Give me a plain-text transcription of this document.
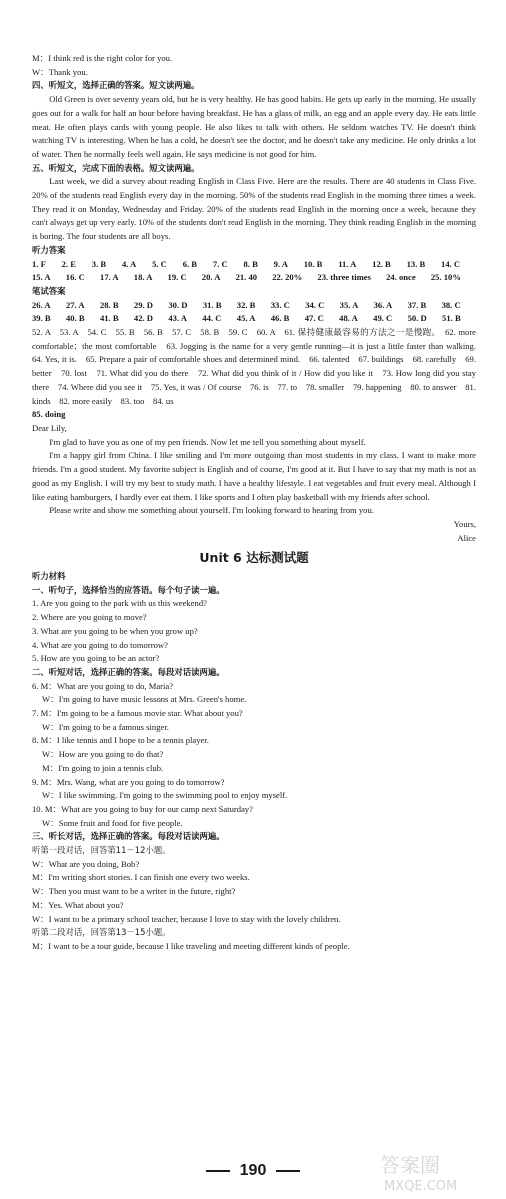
M：I think red is the right color for you.
W：Thank you.
四、听短文，选择正确的答案。短文读两遍。
Old Green is over seventy years old, but he is very healthy. He has good habits. He gets up early in the morning. He usually goes out for a walk for half an hour before having breakfast. He has a glass of milk, an egg and an apple every day. He eats little meat. He often plays cards with young people. He also likes to talk with others. He seldom watches TV. He doesn't think watching TV is interesting. When he has a cold, he doesn't see the doctor, and he doesn't take any medicine. He only drinks a lot of water. Then he normally feels well again. He says medicine is not good for him.
五、听短文，完成下面的表格。短文读两遍。
Last week, we did a survey about reading English in Class Five. Here are the results. There are 40 students in Class Five. 20% of the students read English every day in the morning. 50% of the students read English in the morning three times a week. They read it on Monday, Wednesday and Friday. 20% of the students read English in the morning once a week, because they can't always get up very early. 10% of the students don't read English in the morning. They think reading English in the morning is boring. The four students are all boys.
听力答案
1. F	2. E	3. B	4. A	5. C	6. B	7. C	8. B	9. A	10. B	11. A	12. B	13. B	14. C
15. A	16. C	17. A	18. A	19. C	20. A	21. 40	22. 20%	23. three times	24. once	25. 10%
笔试答案
26. A	27. A	28. B	29. D	30. D	31. B	32. B	33. C	34. C	35. A	36. A	37. B	38. C
39. B	40. B	41. B	42. D	43. A	44. C	45. A	46. B	47. C	48. A	49. C	50. D	51. B
52. A　53. A　54. C　55. B　56. B　57. C　58. B　59. C　60. A　61. 保持健康最容易的方法之一是慢跑。　62. more comfortable；the most comfortable　63. Jogging is the name for a very gentle running—it is just a little faster than walking.　64. Yes, it is.　65. Prepare a pair of comfortable shoes and determined mind.　66. talented　67. buildings　68. carefully　69. better　70. lost　71. What did you do there　72. What did you think of it / How did you like it　73. How long did you stay there　74. Where did you see it　75. Yes, it was / Of course　76. is　77. to　78. smaller　79. happening　80. to answer　81. kinds　82. more easily　83. too　84. us
85. doing
Dear Lily,
I'm glad to have you as one of my pen friends. Now let me tell you something about myself.
I'm a happy girl from China. I like smiling and I'm more outgoing than most students in my class. I want to make more friends. I'm a good student. My favorite subject is English and of course, I'm good at it. But I have to say that my math is not as good as my English. I will try my best to study math. I have a healthy lifestyle. I eat vegetables and fruit every meal. Although I like eating hamburgers, I hardly ever eat them. I like sports and I often play basketball with my friends after school.
Please write and show me something about yourself. I'm looking forward to hearing from you.
Yours,
Alice
Unit 6 达标测试题
听力材料
一、听句子，选择恰当的应答语。每个句子读一遍。
1. Are you going to the park with us this weekend?
2. Where are you going to move?
3. What are you going to be when you grow up?
4. What are you going to do tomorrow?
5. How are you going to be an actor?
二、听短对话，选择正确的答案。每段对话读两遍。
6. M：What are you going to do, Maria?
W：I'm going to have music lessons at Mrs. Green's home.
7. M：I'm going to be a famous movie star. What about you?
W：I'm going to be a famous singer.
8. M：I like tennis and I hope to be a tennis player.
W：How are you going to do that?
M：I'm going to join a tennis club.
9. M：Mrs. Wang, what are you going to do tomorrow?
W：I like swimming. I'm going to the swimming pool to enjoy myself.
10. M：What are you going to buy for our camp next Saturday?
W：Some fruit and food for five people.
三、听长对话，选择正确的答案。每段对话读两遍。
听第一段对话，回答第11－12小题。
W：What are you doing, Bob?
M：I'm writing short stories. I can finish one every two weeks.
W：Then you must want to be a writer in the future, right?
M：Yes. What about you?
W：I want to be a primary school teacher, because I love to stay with the lovely children.
听第二段对话，回答第13－15小题。
M：I want to be a tour guide, because I like traveling and meeting different kinds of people.
190	答案圈
MXQE.COM
